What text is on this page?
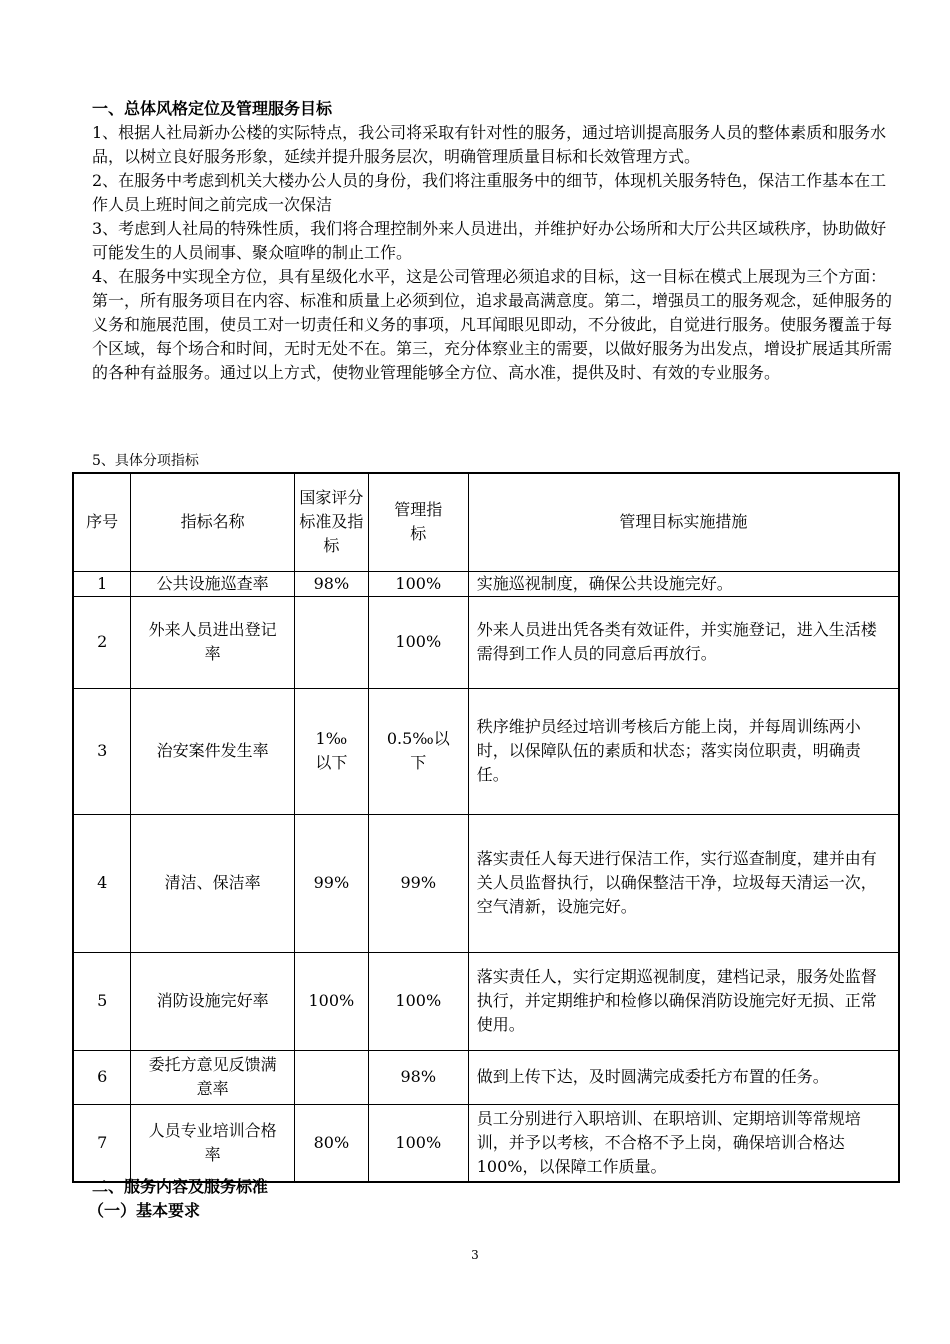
一、总体风格定位及管理服务目标

1、根据人社局新办公楼的实际特点，我公司将采取有针对性的服务，通过培训提高服务人员的整体素质和服务水品，以树立良好服务形象，延续并提升服务层次，明确管理质量目标和长效管理方式。

2、在服务中考虑到机关大楼办公人员的身份，我们将注重服务中的细节，体现机关服务特色，保洁工作基本在工作人员上班时间之前完成一次保洁

3、考虑到人社局的特殊性质，我们将合理控制外来人员进出，并维护好办公场所和大厅公共区域秩序，协助做好可能发生的人员闹事、聚众喧哗的制止工作。

4、在服务中实现全方位，具有星级化水平，这是公司管理必须追求的目标，这一目标在模式上展现为三个方面：第一，所有服务项目在内容、标准和质量上必须到位，追求最高满意度。第二，增强员工的服务观念，延伸服务的义务和施展范围，使员工对一切责任和义务的事项，凡耳闻眼见即动，不分彼此，自觉进行服务。使服务覆盖于每个区域，每个场合和时间，无时无处不在。第三，充分体察业主的需要，以做好服务为出发点，增设扩展适其所需的各种有益服务。通过以上方式，使物业管理能够全方位、高水准，提供及时、有效的专业服务。

5、具体分项指标
序号	指标名称	国家评分标准及指标	管理指标	管理目标实施措施
1	公共设施巡查率	98%	100%	实施巡视制度，确保公共设施完好。
2	外来人员进出登记率		100%	外来人员进出凭各类有效证件，并实施登记，进入生活楼需得到工作人员的同意后再放行。
3	治安案件发生率	1‰以下	0.5‰以下	秩序维护员经过培训考核后方能上岗，并每周训练两小时，以保障队伍的素质和状态；落实岗位职责，明确责任。
4	清洁、保洁率	99%	99%	落实责任人每天进行保洁工作，实行巡查制度，建并由有关人员监督执行，以确保整洁干净，垃圾每天清运一次，空气清新，设施完好。
5	消防设施完好率	100%	100%	落实责任人，实行定期巡视制度，建档记录，服务处监督执行，并定期维护和检修以确保消防设施完好无损、正常使用。
6	委托方意见反馈满意率		98%	做到上传下达，及时圆满完成委托方布置的任务。
7	人员专业培训合格率	80%	100%	员工分别进行入职培训、在职培训、定期培训等常规培训，并予以考核，不合格不予上岗，确保培训合格达100%，以保障工作质量。
二、服务内容及服务标准
（一）基本要求
3
